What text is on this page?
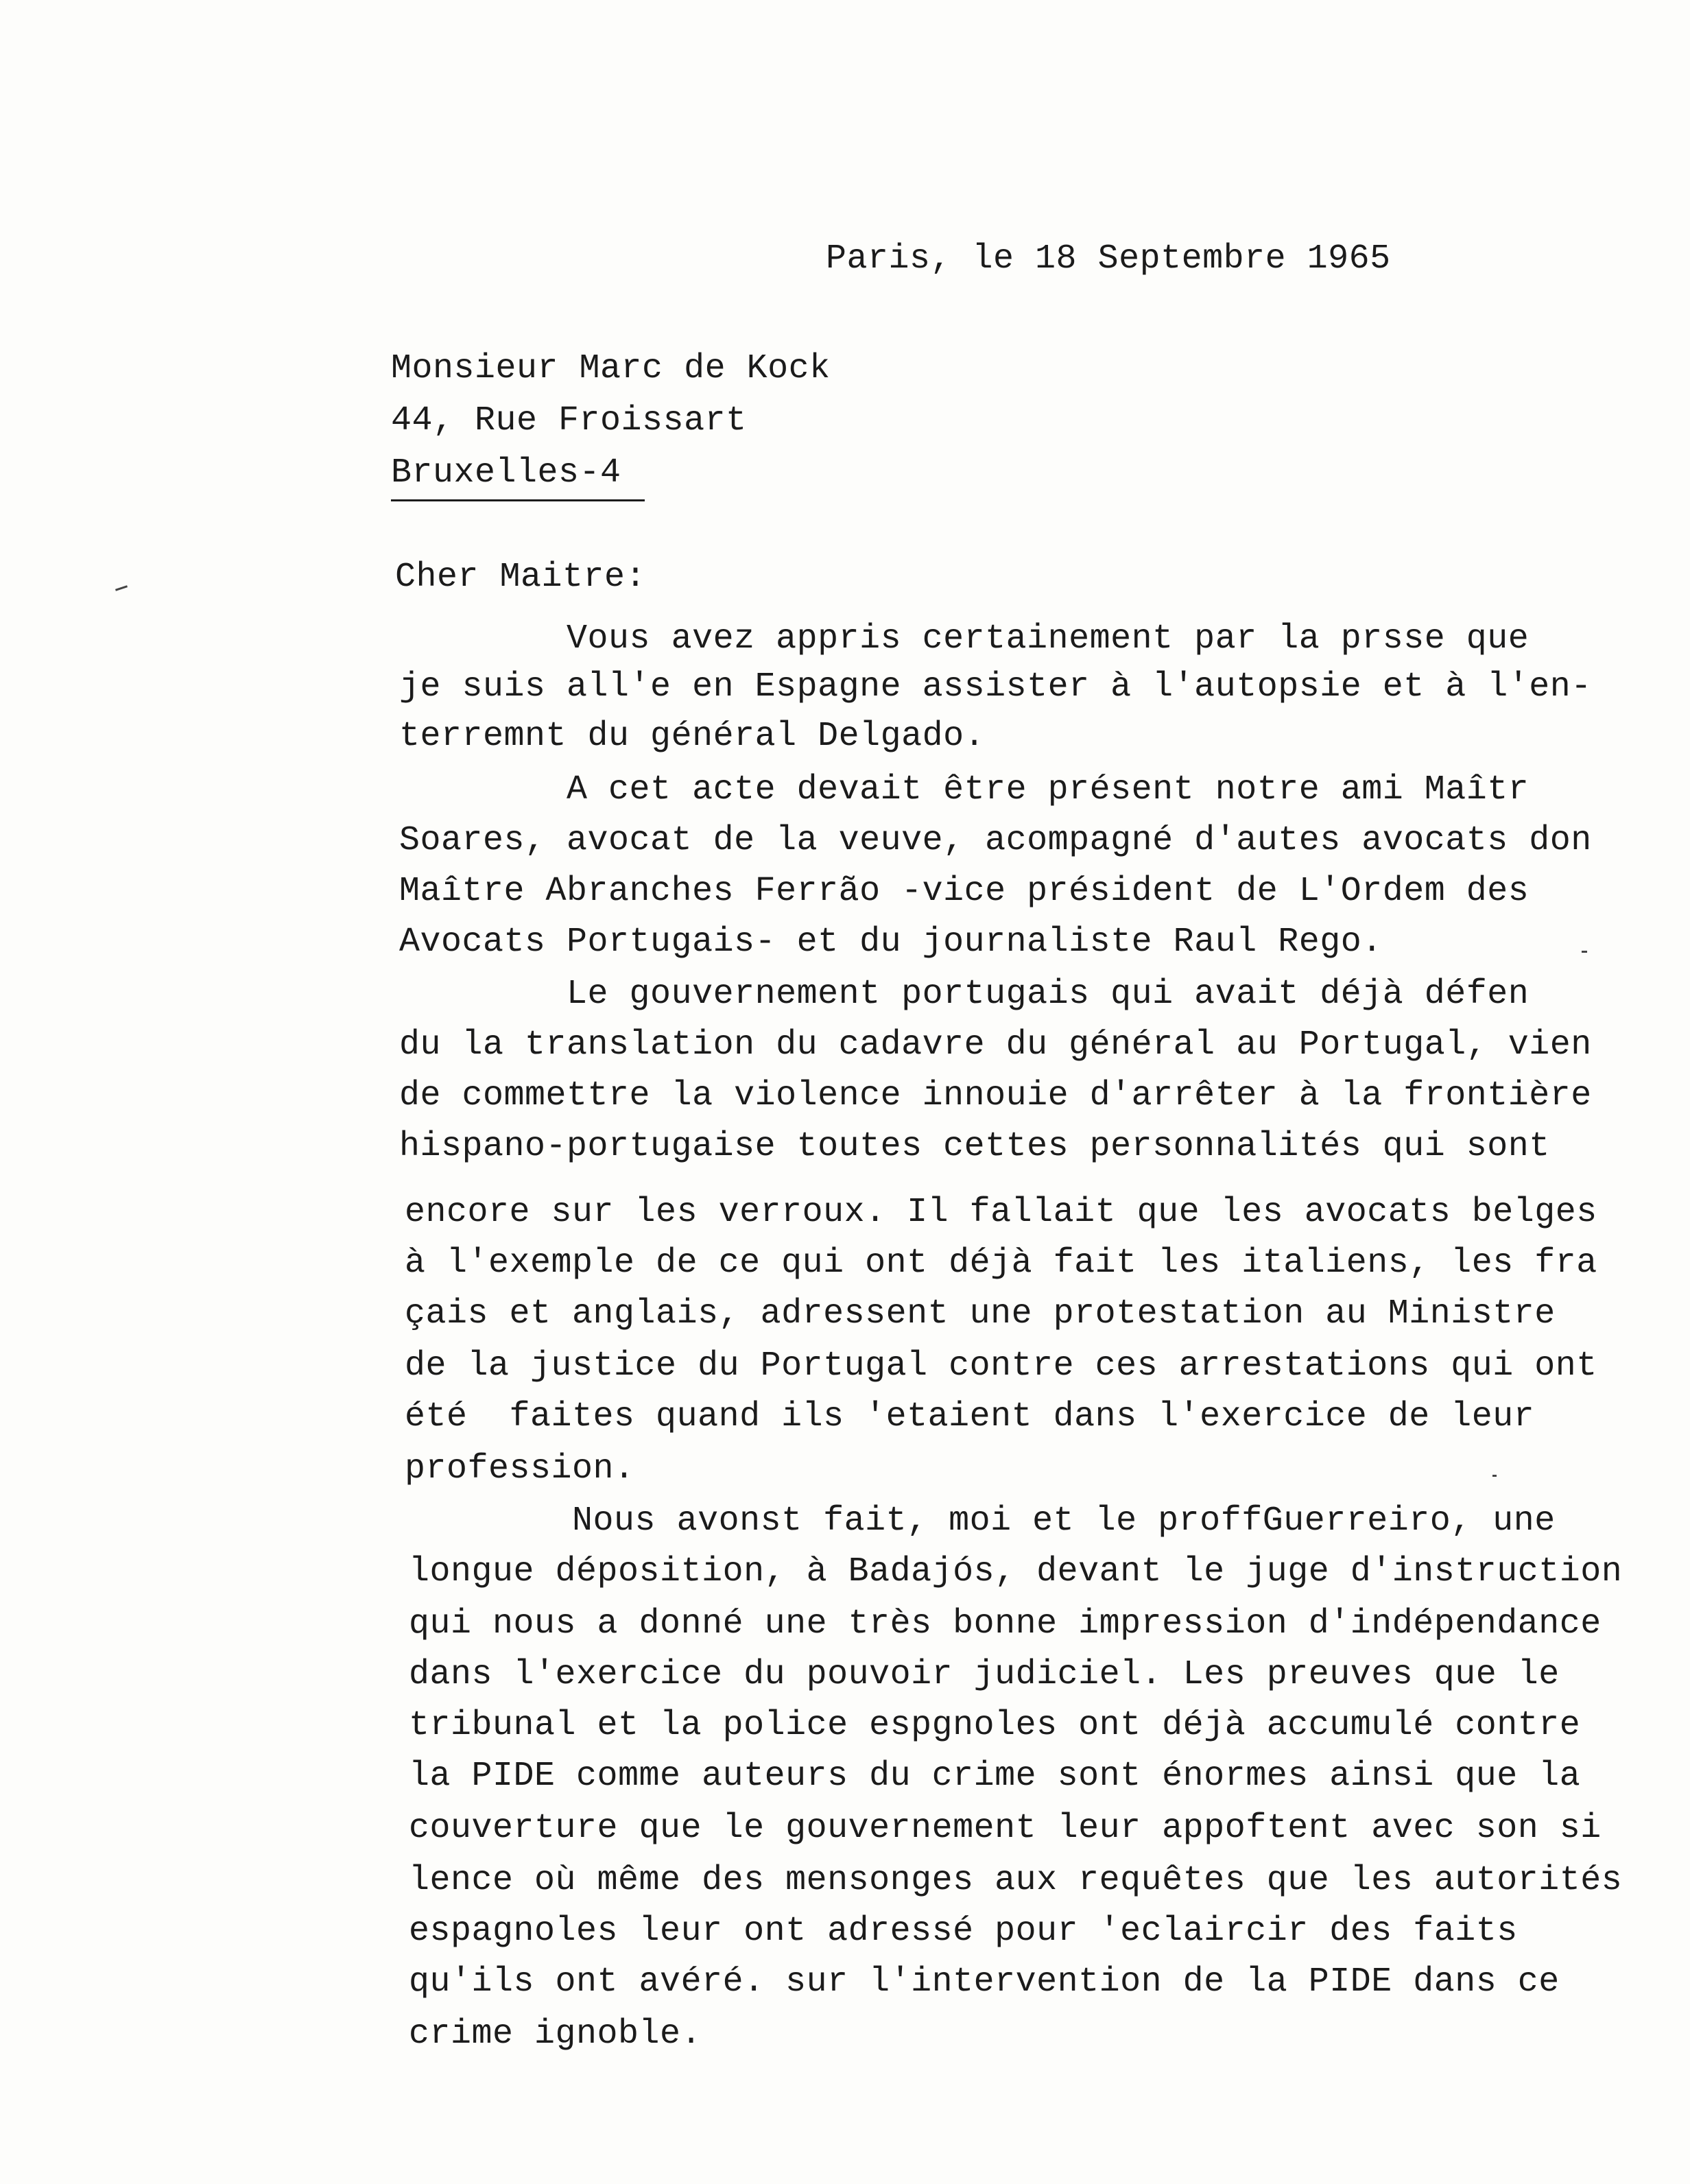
Paris, le 18 Septembre 1965

Monsieur Marc de Kock

44, Rue Froissart

Bruxelles-4

Cher Maitre:

Vous avez appris certainement par la prsse que

je suis all'e en Espagne assister à l'autopsie et à l'en-

terremnt du général Delgado.

A cet acte devait être présent notre ami Maîtr

Soares, avocat de la veuve, acompagné d'autes avocats don

Maître Abranches Ferrão -vice président de L'Ordem des

Avocats Portugais- et du journaliste Raul Rego.

Le gouvernement portugais qui avait déjà défen

du la translation du cadavre du général au Portugal, vien

de commettre la violence innouie d'arrêter à la frontière

hispano-portugaise toutes cettes personnalités qui sont

encore sur les verroux. Il fallait que les avocats belges

à l'exemple de ce qui ont déjà fait les italiens, les fra

çais et anglais, adressent une protestation au Ministre

de la justice du Portugal contre ces arrestations qui ont

été  faites quand ils 'etaient dans l'exercice de leur

profession.

Nous avonst fait, moi et le proffGuerreiro, une

longue déposition, à Badajós, devant le juge d'instruction

qui nous a donné une très bonne impression d'indépendance

dans l'exercice du pouvoir judiciel. Les preuves que le

tribunal et la police espgnoles ont déjà accumulé contre

la PIDE comme auteurs du crime sont énormes ainsi que la

couverture que le gouvernement leur appoftent avec son si

lence où même des mensonges aux requêtes que les autorités

espagnoles leur ont adressé pour 'eclaircir des faits

qu'ils ont avéré. sur l'intervention de la PIDE dans ce

crime ignoble.
